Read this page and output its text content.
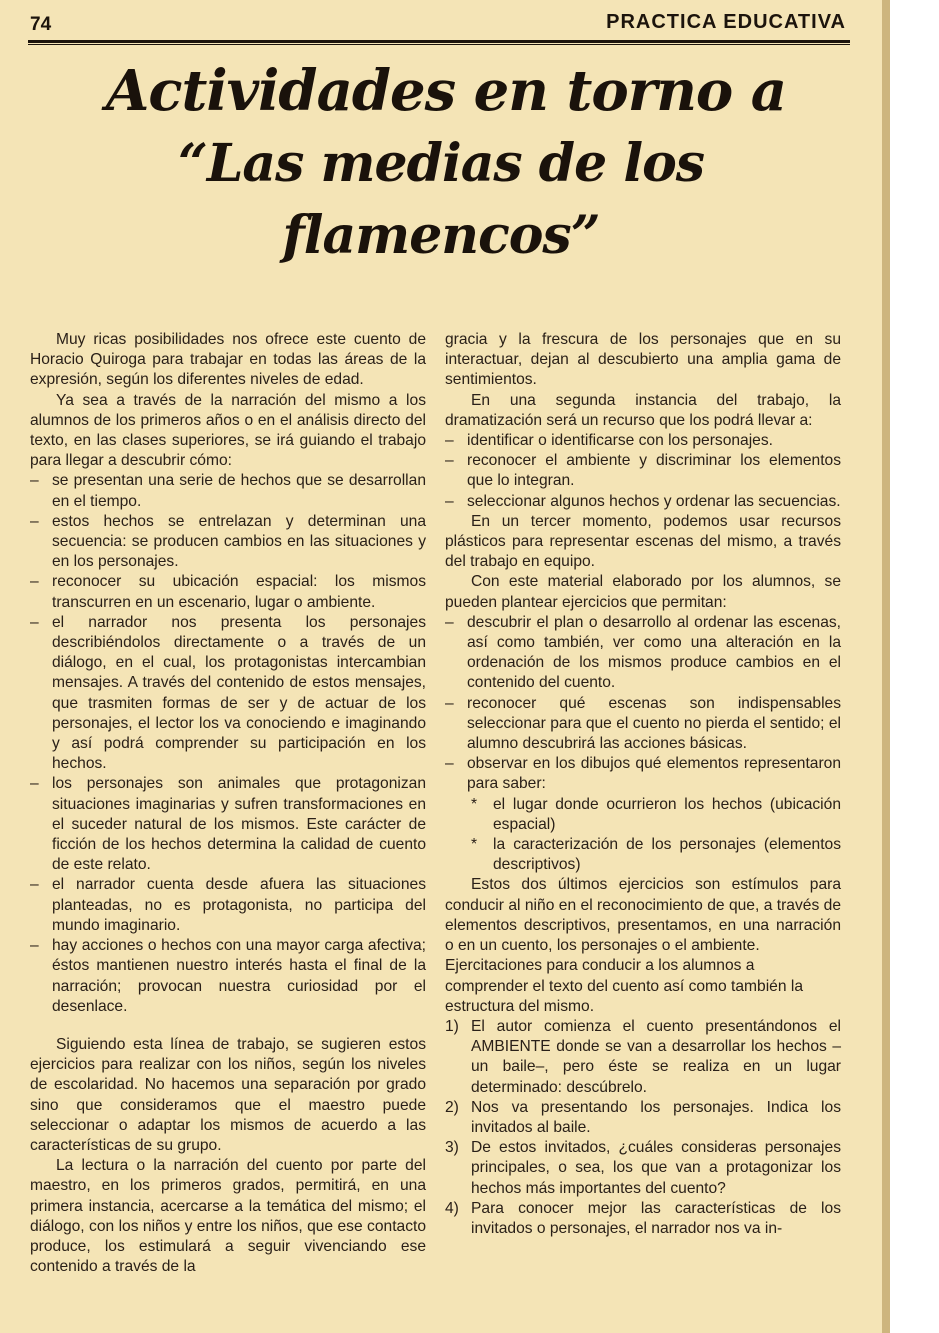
74	PRACTICA EDUCATIVA
Actividades en torno a
“Las medias de los flamencos”

Muy ricas posibilidades nos ofrece este cuento de Horacio Quiroga para trabajar en todas las áreas de la expresión, según los diferentes niveles de edad.

Ya sea a través de la narración del mismo a los alumnos de los primeros años o en el análisis directo del texto, en las clases superiores, se irá guiando el trabajo para llegar a descubrir cómo:

– se presentan una serie de hechos que se desarrollan en el tiempo.
– estos hechos se entrelazan y determinan una secuencia: se producen cambios en las situaciones y en los personajes.
– reconocer su ubicación espacial: los mismos transcurren en un escenario, lugar o ambiente.
– el narrador nos presenta los personajes describiéndolos directamente o a través de un diálogo, en el cual, los protagonistas intercambian mensajes. A través del contenido de estos mensajes, que trasmiten formas de ser y de actuar de los personajes, el lector los va conociendo e imaginando y así podrá comprender su participación en los hechos.
– los personajes son animales que protagonizan situaciones imaginarias y sufren transformaciones en el suceder natural de los mismos. Este carácter de ficción de los hechos determina la calidad de cuento de este relato.
– el narrador cuenta desde afuera las situaciones planteadas, no es protagonista, no participa del mundo imaginario.
– hay acciones o hechos con una mayor carga afectiva; éstos mantienen nuestro interés hasta el final de la narración; provocan nuestra curiosidad por el desenlace.

Siguiendo esta línea de trabajo, se sugieren estos ejercicios para realizar con los niños, según los niveles de escolaridad. No hacemos una separación por grado sino que consideramos que el maestro puede seleccionar o adaptar los mismos de acuerdo a las características de su grupo.

La lectura o la narración del cuento por parte del maestro, en los primeros grados, permitirá, en una primera instancia, acercarse a la temática del mismo; el diálogo, con los niños y entre los niños, que ese contacto produce, los estimulará a seguir vivenciando ese contenido a través de la

gracia y la frescura de los personajes que en su interactuar, dejan al descubierto una amplia gama de sentimientos.

En una segunda instancia del trabajo, la dramatización será un recurso que los podrá llevar a:

– identificar o identificarse con los personajes.
– reconocer el ambiente y discriminar los elementos que lo integran.
– seleccionar algunos hechos y ordenar las secuencias.

En un tercer momento, podemos usar recursos plásticos para representar escenas del mismo, a través del trabajo en equipo.

Con este material elaborado por los alumnos, se pueden plantear ejercicios que permitan:

– descubrir el plan o desarrollo al ordenar las escenas, así como también, ver como una alteración en la ordenación de los mismos produce cambios en el contenido del cuento.
– reconocer qué escenas son indispensables seleccionar para que el cuento no pierda el sentido; el alumno descubrirá las acciones básicas.
– observar en los dibujos qué elementos representaron para saber:
* el lugar donde ocurrieron los hechos (ubicación espacial)
* la caracterización de los personajes (elementos descriptivos)

Estos dos últimos ejercicios son estímulos para conducir al niño en el reconocimiento de que, a través de elementos descriptivos, presentamos, en una narración o en un cuento, los personajes o el ambiente.

Ejercitaciones para conducir a los alumnos a comprender el texto del cuento así como también la estructura del mismo.

1) El autor comienza el cuento presentándonos el AMBIENTE donde se van a desarrollar los hechos –un baile–, pero éste se realiza en un lugar determinado: descúbrelo.
2) Nos va presentando los personajes. Indica los invitados al baile.
3) De estos invitados, ¿cuáles consideras personajes principales, o sea, los que van a protagonizar los hechos más importantes del cuento?
4) Para conocer mejor las características de los invitados o personajes, el narrador nos va in-
